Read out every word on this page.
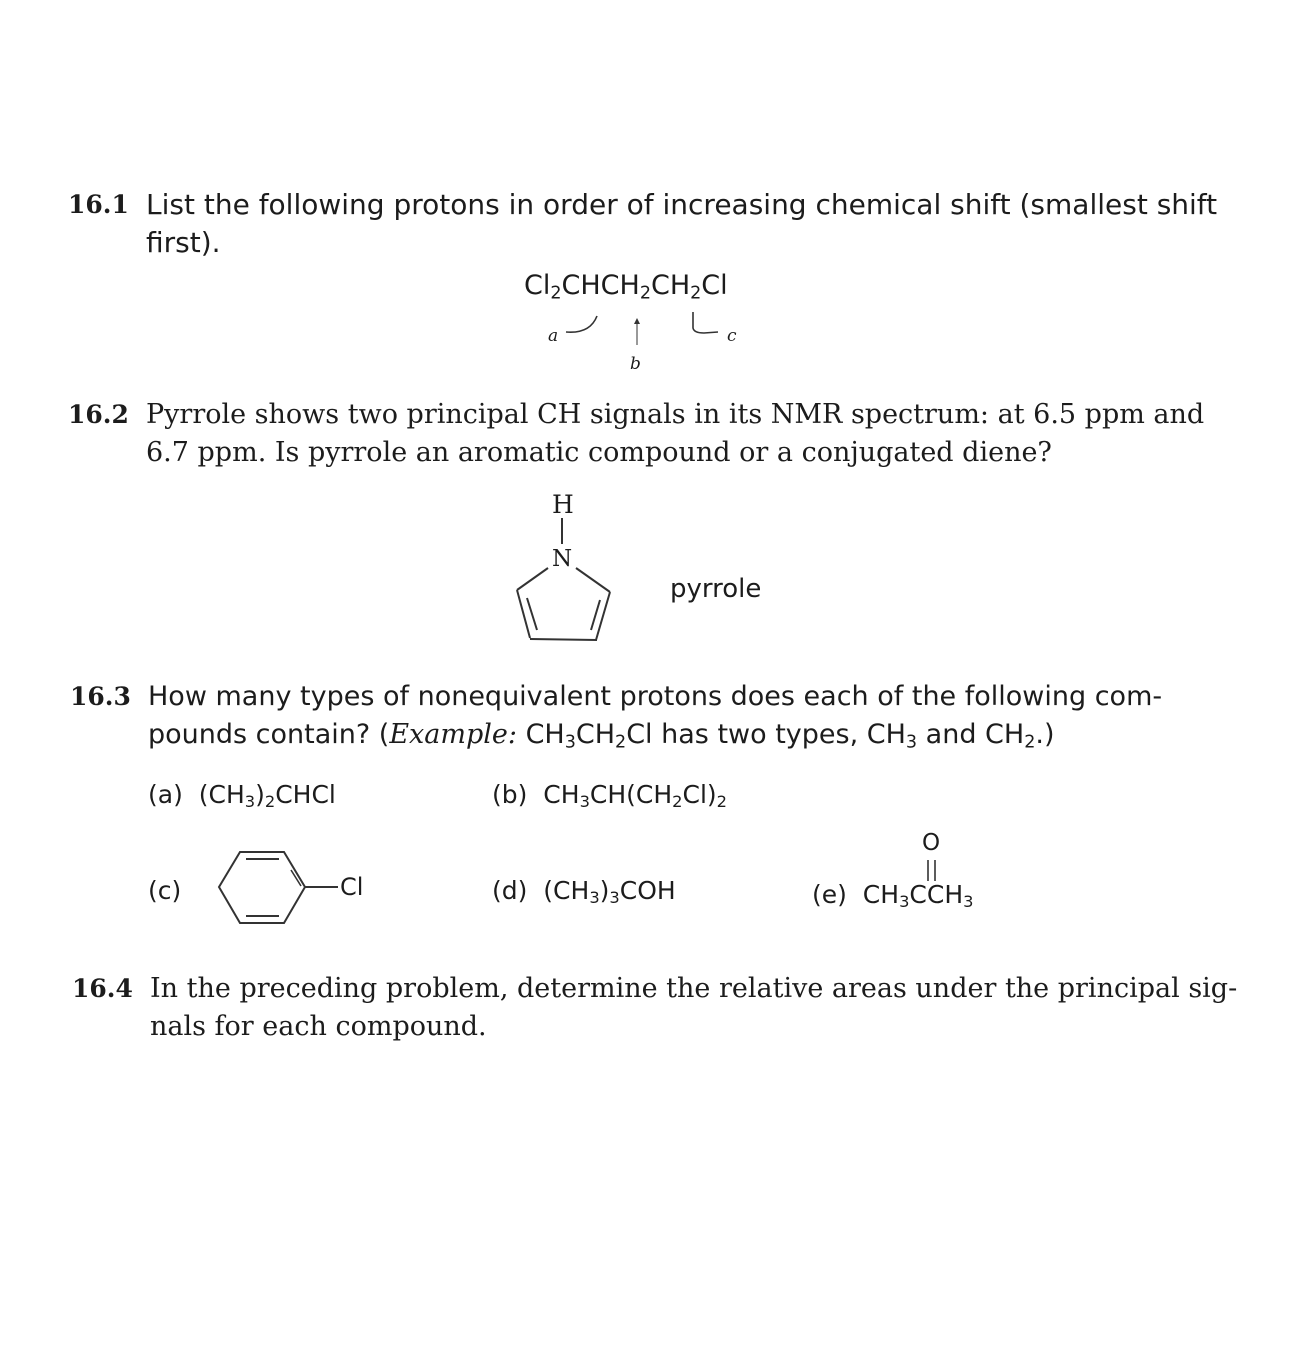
16.1 List the following protons in order of increasing chemical shift (smallest shift
first).
$Cl_2CHCH_2CH_2Cl$
a
b
c
16.2 Pyrrole shows two principal CH signals in its NMR spectrum: at 6.5 ppm and
6.7 ppm. Is pyrrole an aromatic compound or a conjugated diene?
H
N
pyrrole
16.3 How many types of nonequivalent protons does each of the following com-
pounds contain? (Example: $CH_3CH_2Cl$ has two types, $CH_3$ and $CH_2$.)
(a) $(CH_3)_2CHCl$	(b) $CH_3CH(CH_2Cl)_2$
(c)	Cl	(d) $(CH_3)_3COH$
O
(e) $CH_3CCH_3$
16.4 In the preceding problem, determine the relative areas under the principal sig-
nals for each compound.
